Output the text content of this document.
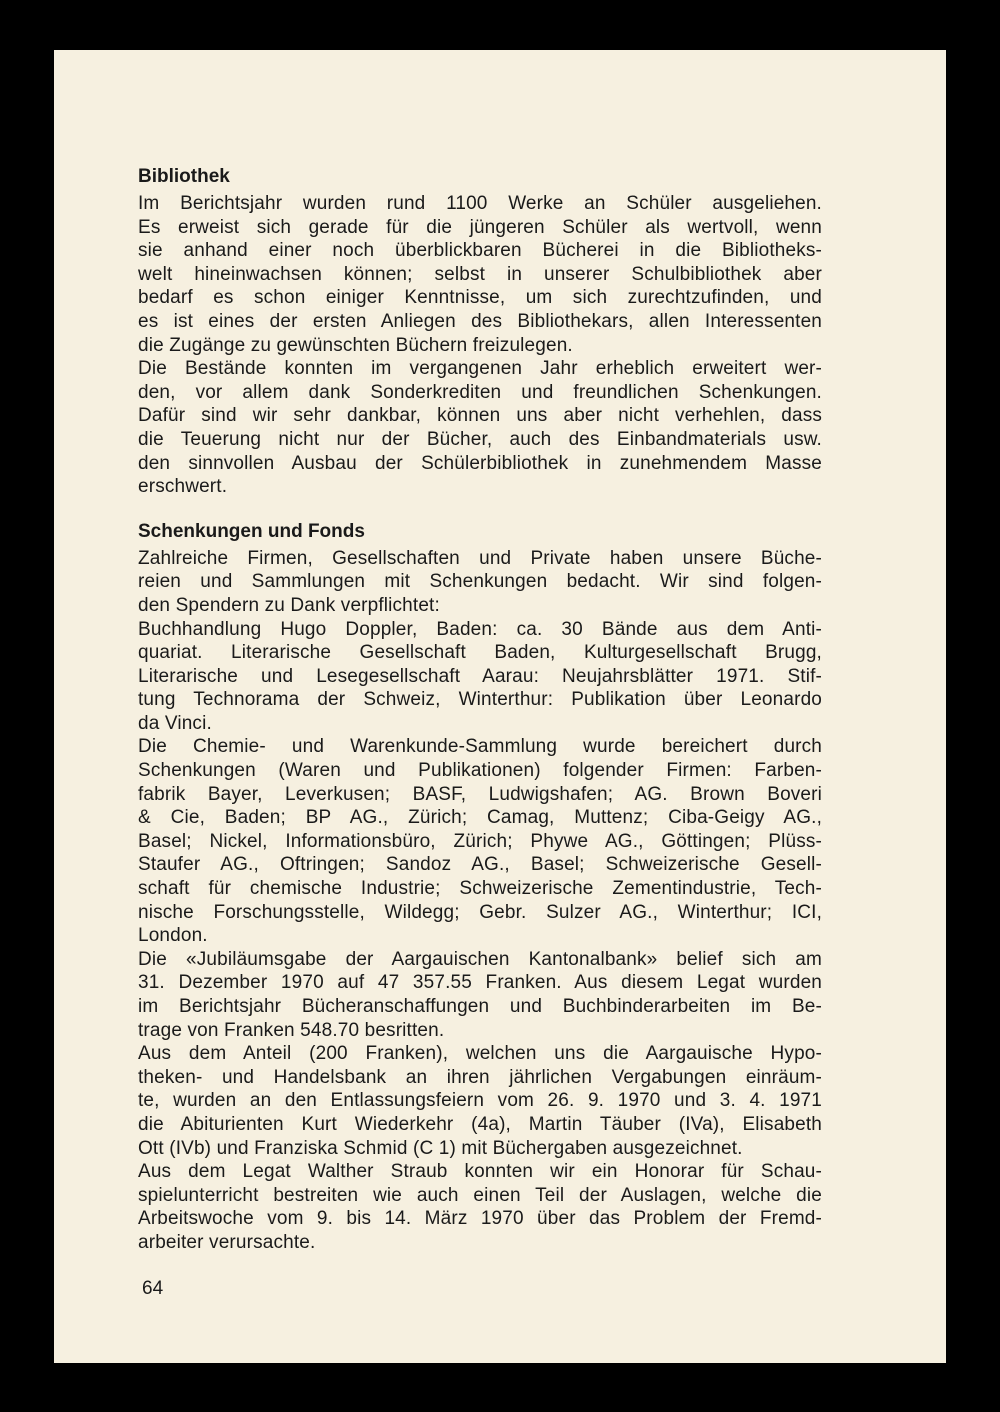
Bibliothek
Im Berichtsjahr wurden rund 1100 Werke an Schüler ausgeliehen.
Es erweist sich gerade für die jüngeren Schüler als wertvoll, wenn
sie anhand einer noch überblickbaren Bücherei in die Bibliotheks-
welt hineinwachsen können; selbst in unserer Schulbibliothek aber
bedarf es schon einiger Kenntnisse, um sich zurechtzufinden, und
es ist eines der ersten Anliegen des Bibliothekars, allen Interessenten
die Zugänge zu gewünschten Büchern freizulegen.
Die Bestände konnten im vergangenen Jahr erheblich erweitert wer-
den, vor allem dank Sonderkrediten und freundlichen Schenkungen.
Dafür sind wir sehr dankbar, können uns aber nicht verhehlen, dass
die Teuerung nicht nur der Bücher, auch des Einbandmaterials usw.
den sinnvollen Ausbau der Schülerbibliothek in zunehmendem Masse
erschwert.
Schenkungen und Fonds
Zahlreiche Firmen, Gesellschaften und Private haben unsere Büche-
reien und Sammlungen mit Schenkungen bedacht. Wir sind folgen-
den Spendern zu Dank verpflichtet:
Buchhandlung Hugo Doppler, Baden: ca. 30 Bände aus dem Anti-
quariat. Literarische Gesellschaft Baden, Kulturgesellschaft Brugg,
Literarische und Lesegesellschaft Aarau: Neujahrsblätter 1971. Stif-
tung Technorama der Schweiz, Winterthur: Publikation über Leonardo
da Vinci.
Die Chemie- und Warenkunde-Sammlung wurde bereichert durch
Schenkungen (Waren und Publikationen) folgender Firmen: Farben-
fabrik Bayer, Leverkusen; BASF, Ludwigshafen; AG. Brown Boveri
& Cie, Baden; BP AG., Zürich; Camag, Muttenz; Ciba-Geigy AG.,
Basel; Nickel, Informationsbüro, Zürich; Phywe AG., Göttingen; Plüss-
Staufer AG., Oftringen; Sandoz AG., Basel; Schweizerische Gesell-
schaft für chemische Industrie; Schweizerische Zementindustrie, Tech-
nische Forschungsstelle, Wildegg; Gebr. Sulzer AG., Winterthur; ICI,
London.
Die «Jubiläumsgabe der Aargauischen Kantonalbank» belief sich am
31. Dezember 1970 auf 47 357.55 Franken. Aus diesem Legat wurden
im Berichtsjahr Bücheranschaffungen und Buchbinderarbeiten im Be-
trage von Franken 548.70 besritten.
Aus dem Anteil (200 Franken), welchen uns die Aargauische Hypo-
theken- und Handelsbank an ihren jährlichen Vergabungen einräum-
te, wurden an den Entlassungsfeiern vom 26. 9. 1970 und 3. 4. 1971
die Abiturienten Kurt Wiederkehr (4a), Martin Täuber (IVa), Elisabeth
Ott (IVb) und Franziska Schmid (C 1) mit Büchergaben ausgezeichnet.
Aus dem Legat Walther Straub konnten wir ein Honorar für Schau-
spielunterricht bestreiten wie auch einen Teil der Auslagen, welche die
Arbeitswoche vom 9. bis 14. März 1970 über das Problem der Fremd-
arbeiter verursachte.
64
